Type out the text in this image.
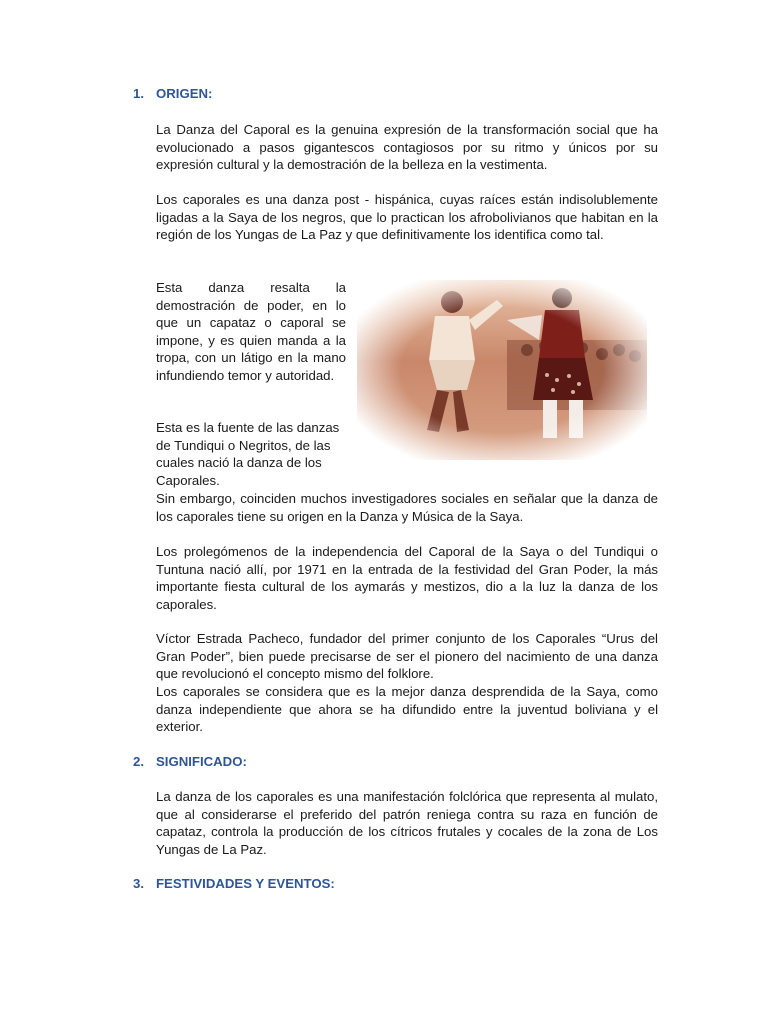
1. ORIGEN:

La Danza del Caporal es la genuina expresión de la transformación social que ha evolucionado a pasos gigantescos contagiosos por su ritmo y únicos por su expresión cultural y la demostración de la belleza en la vestimenta.

Los caporales es una danza post - hispánica, cuyas raíces están indisolublemente ligadas a la Saya de los negros, que lo practican los afrobolivianos que habitan en la región de los Yungas de La Paz y que definitivamente los identifica como tal.

Esta danza resalta la demostración de poder, en lo que un capataz o caporal se impone, y es quien manda a la tropa, con un látigo en la mano infundiendo temor y autoridad.

Esta es la fuente de las danzas de Tundiqui o Negritos, de las cuales nació la danza de los Caporales.

Sin embargo, coinciden muchos investigadores sociales en señalar que la danza de los caporales tiene su origen en la Danza y Música de la Saya.

Los prolegómenos de la independencia del Caporal de la Saya o del Tundiqui o Tuntuna nació allí, por 1971 en la entrada de la festividad del Gran Poder, la más importante fiesta cultural de los aymarás y mestizos, dio a la luz la danza de los caporales.

Víctor Estrada Pacheco, fundador del primer conjunto de los Caporales “Urus del Gran Poder”, bien puede precisarse de ser el pionero del nacimiento de una danza que revolucionó el concepto mismo del folklore.

Los caporales se considera que es la mejor danza desprendida de la Saya, como danza independiente que ahora se ha difundido entre la juventud boliviana y el exterior.

2. SIGNIFICADO:

La danza de los caporales es una manifestación folclórica que representa al mulato, que al considerarse el preferido del patrón reniega contra su raza en función de capataz, controla la producción de los cítricos frutales y cocales de la zona de Los Yungas de La Paz.

3. FESTIVIDADES Y EVENTOS:
